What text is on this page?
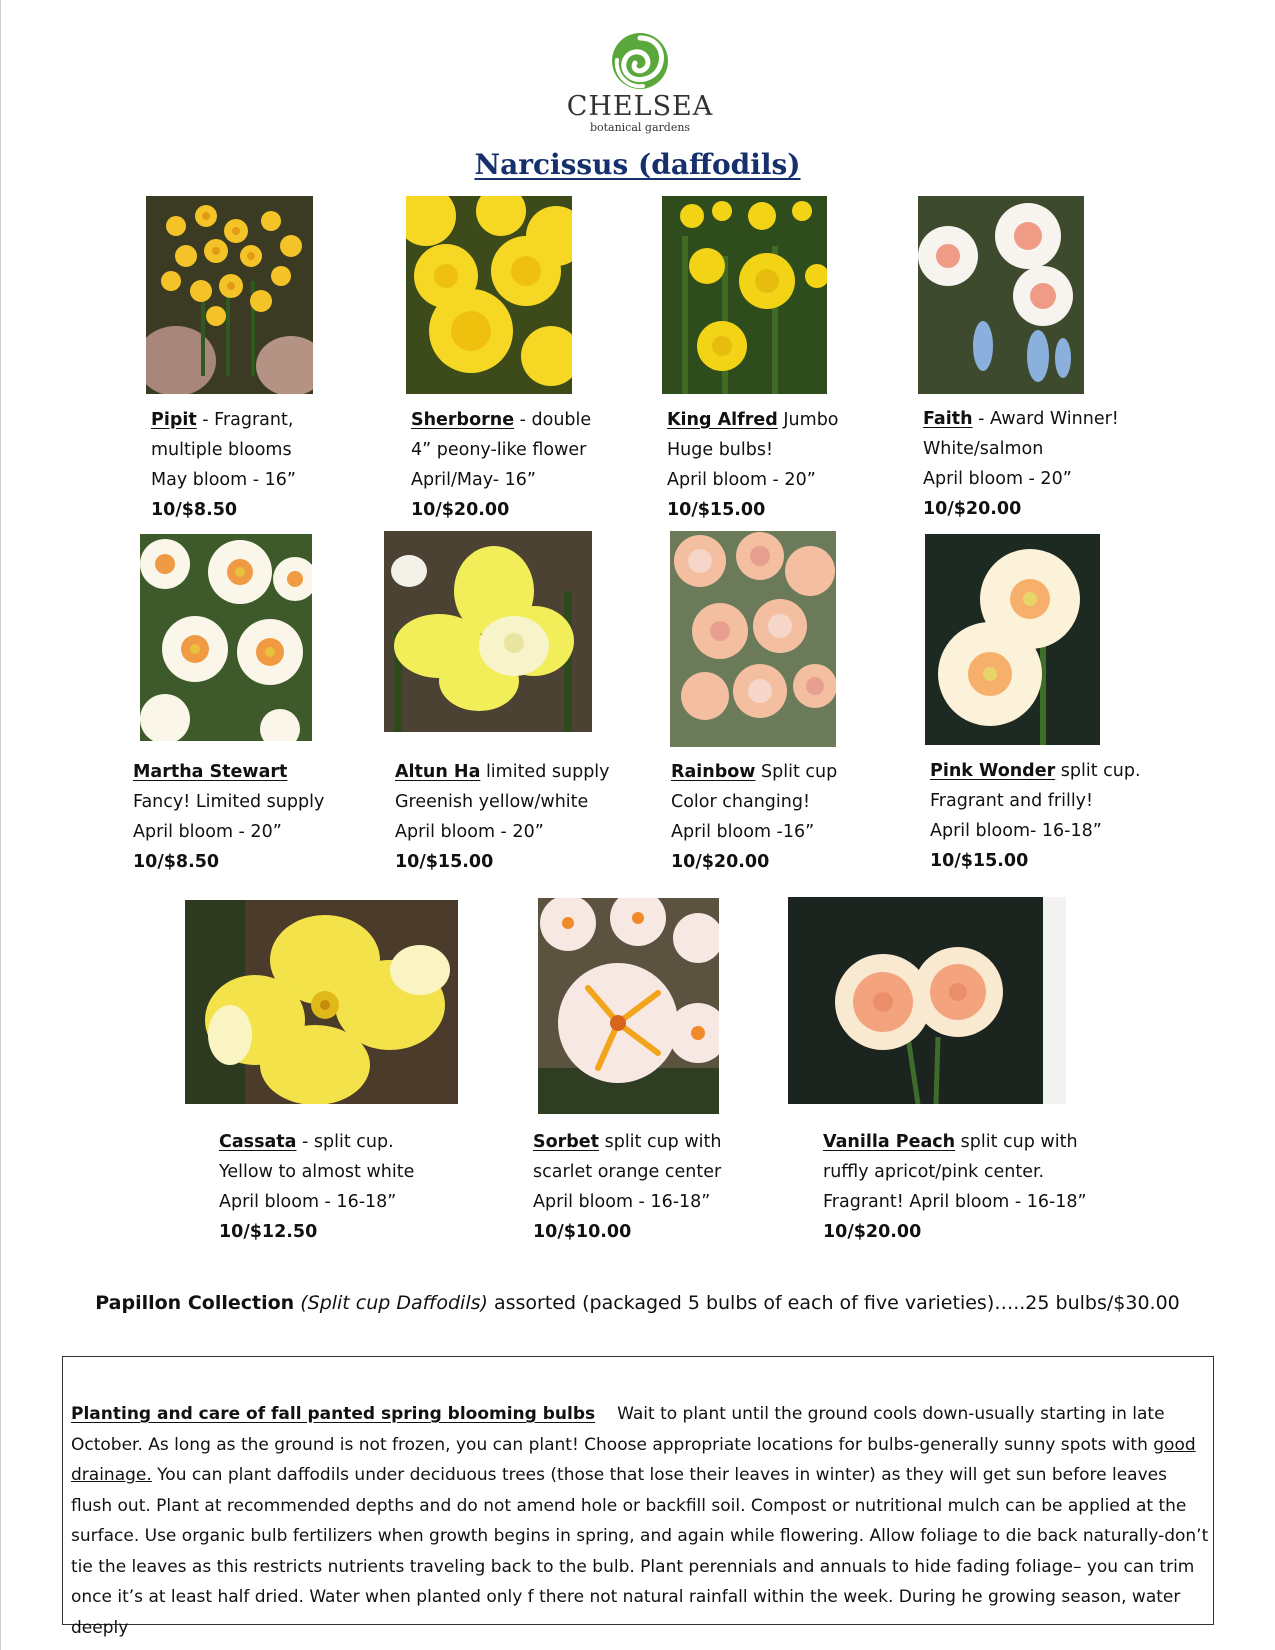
CHELSEA
botanical gardens
Narcissus (daffodils)
Pipit - Fragrant,
multiple blooms
May bloom - 16”
10/$8.50
Sherborne - double
4” peony-like flower
April/May- 16”
10/$20.00
King Alfred Jumbo
Huge bulbs!
April bloom - 20”
10/$15.00
Faith - Award Winner!
White/salmon
April bloom - 20”
10/$20.00
Martha Stewart
Fancy! Limited supply
April bloom - 20”
10/$8.50
Altun Ha limited supply
Greenish yellow/white
April bloom - 20”
10/$15.00
Rainbow Split cup
Color changing!
April bloom -16”
10/$20.00
Pink Wonder split cup.
Fragrant and frilly!
April bloom- 16-18”
10/$15.00
Cassata - split cup.
Yellow to almost white
April bloom - 16-18”
10/$12.50
Sorbet split cup with
scarlet orange center
April bloom - 16-18”
10/$10.00
Vanilla Peach split cup with
ruffly apricot/pink center.
Fragrant! April bloom - 16-18”
10/$20.00
Papillon Collection (Split cup Daffodils) assorted (packaged 5 bulbs of each of five varieties)…..25 bulbs/$30.00
Planting and care of fall panted spring blooming bulbs Wait to plant until the ground cools down-usually starting in late October. As long as the ground is not frozen, you can plant! Choose appropriate locations for bulbs-generally sunny spots with good drainage. You can plant daffodils under deciduous trees (those that lose their leaves in winter) as they will get sun before leaves flush out. Plant at recommended depths and do not amend hole or backfill soil. Compost or nutritional mulch can be applied at the surface. Use organic bulb fertilizers when growth begins in spring, and again while flowering. Allow foliage to die back naturally-don’t tie the leaves as this restricts nutrients traveling back to the bulb. Plant perennials and annuals to hide fading foliage– you can trim once it’s at least half dried. Water when planted only f there not natural rainfall within the week. During he growing season, water deeply
